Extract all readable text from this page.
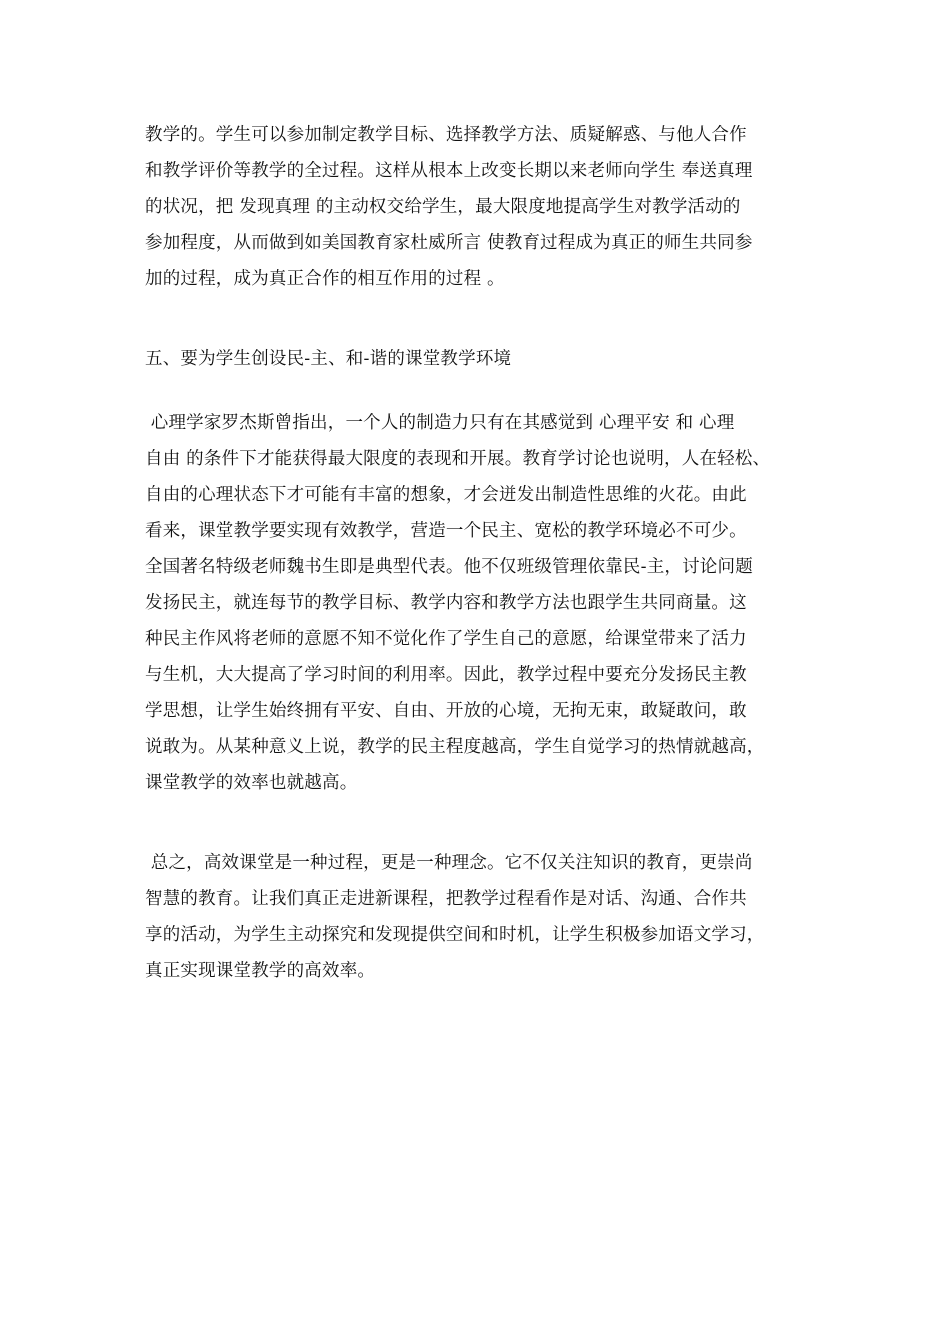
教学的。学生可以参加制定教学目标、选择教学方法、质疑解惑、与他人合作
和教学评价等教学的全过程。这样从根本上改变长期以来老师向学生 奉送真理
的状况，把 发现真理 的主动权交给学生，最大限度地提高学生对教学活动的
参加程度，从而做到如美国教育家杜威所言 使教育过程成为真正的师生共同参
加的过程，成为真正合作的相互作用的过程 。
五、要为学生创设民-主、和-谐的课堂教学环境
心理学家罗杰斯曾指出，一个人的制造力只有在其感觉到 心理平安 和 心理
自由 的条件下才能获得最大限度的表现和开展。教育学讨论也说明，人在轻松、
自由的心理状态下才可能有丰富的想象，才会迸发出制造性思维的火花。由此
看来，课堂教学要实现有效教学，营造一个民主、宽松的教学环境必不可少。
全国著名特级老师魏书生即是典型代表。他不仅班级管理依靠民-主，讨论问题
发扬民主，就连每节的教学目标、教学内容和教学方法也跟学生共同商量。这
种民主作风将老师的意愿不知不觉化作了学生自己的意愿，给课堂带来了活力
与生机，大大提高了学习时间的利用率。因此，教学过程中要充分发扬民主教
学思想，让学生始终拥有平安、自由、开放的心境，无拘无束，敢疑敢问，敢
说敢为。从某种意义上说，教学的民主程度越高，学生自觉学习的热情就越高，
课堂教学的效率也就越高。
总之，高效课堂是一种过程，更是一种理念。它不仅关注知识的教育，更崇尚
智慧的教育。让我们真正走进新课程，把教学过程看作是对话、沟通、合作共
享的活动，为学生主动探究和发现提供空间和时机，让学生积极参加语文学习，
真正实现课堂教学的高效率。
